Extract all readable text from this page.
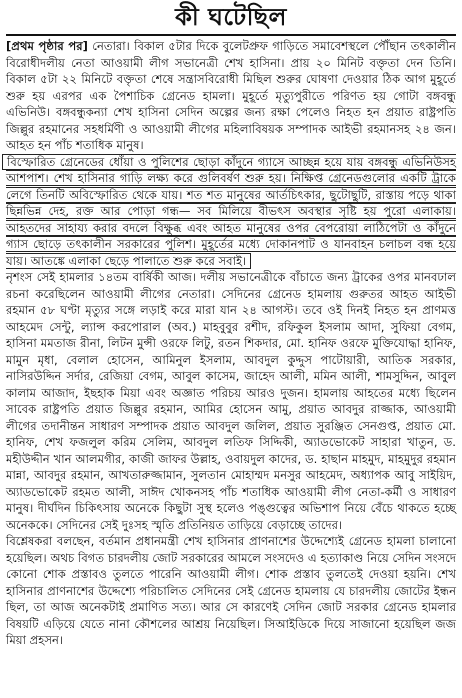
কী ঘটেছিল

[প্রথম পৃষ্ঠার পর] নেতারা। বিকাল ৫টার দিকে বুলেটপ্রুফ গাড়িতে সমাবেশস্থলে পৌঁছান তৎকালীন বিরোধীদলীয় নেতা আওয়ামী লীগ সভানেত্রী শেখ হাসিনা। প্রায় ২০ মিনিট বক্তৃতা দেন তিনি। বিকাল ৫টা ২২ মিনিটে বক্তৃতা শেষে সন্ত্রাসবিরোধী মিছিল শুরুর ঘোষণা দেওয়ার ঠিক আগ মুহূর্তে শুরু হয় এরপর এক পৈশাচিক গ্রেনেড হামলা। মুহূর্তে মৃত্যুপুরীতে পরিণত হয় গোটা বঙ্গবন্ধু এভিনিউ। বঙ্গবন্ধুকন্যা শেখ হাসিনা সেদিন অল্পের জন্য রক্ষা পেলেও নিহত হন প্রয়াত রাষ্ট্রপতি জিল্লুর রহমানের সহধর্মিণী ও আওয়ামী লীগের মহিলাবিষয়ক সম্পাদক আইভী রহমানসহ ২৪ জন। আহত হন পাঁচ শতাধিক মানুষ।

বিস্ফোরিত গ্রেনেডের ধোঁয়া ও পুলিশের ছোড়া কাঁদুনে গ্যাসে আচ্ছন্ন হয়ে যায় বঙ্গবন্ধু এভিনিউসহ আশপাশ। শেখ হাসিনার গাড়ি লক্ষ্য করে গুলিবর্ষণ শুরু হয়। নিক্ষিপ্ত গ্রেনেডগুলোর একটি ট্রাকে লেগে তিনটি অবিস্ফোরিত থেকে যায়। শত শত মানুষের আর্তচিৎকার, ছুটোছুটি, রাস্তায় পড়ে থাকা ছিন্নভিন্ন দেহ, রক্ত আর পোড়া গন্ধ— সব মিলিয়ে বীভৎস অবস্থার সৃষ্টি হয় পুরো এলাকায়। আহতদের সাহায্য করার বদলে বিক্ষুব্ধ এবং আহত মানুষের ওপর বেপরোয়া লাঠিপেটা ও কাঁদুনে গ্যাস ছোড়ে তৎকালীন সরকারের পুলিশ। মুহূর্তের মধ্যে দোকানপাট ও যানবাহন চলাচল বন্ধ হয়ে যায়। আতঙ্কে এলাকা ছেড়ে পালাতে শুরু করে সবাই।

নৃশংস সেই হামলার ১৪তম বার্ষিকী আজ। দলীয় সভানেত্রীকে বাঁচাতে জন্য ট্রাকের ওপর মানবঢাল রচনা করেছিলেন আওয়ামী লীগের নেতারা। সেদিনের গ্রেনেড হামলায় গুরুতর আহত আইভী রহমান ৫৮ ঘণ্টা মৃত্যুর সঙ্গে লড়াই করে মারা যান ২৪ আগস্ট। তবে ওই দিনই নিহত হন প্রাণমত্ত আহমেদ সেন্টু, ল্যান্স করপোরাল (অব.) মাহবুবুর রশীদ, রফিকুল ইসলাম আদা, সুফিয়া বেগম, হাসিনা মমতাজ রীনা, লিটন মুন্সী ওরফে লিটু, রতন শিকদার, মো. হানিফ ওরফে মুক্তিযোদ্ধা হানিফ, মামুন মৃধা, বেলাল হোসেন, আমিনুল ইসলাম, আবদুল কুদ্দুস পাটোয়ারী, আতিক সরকার, নাসিরউদ্দিন সর্দার, রেজিয়া বেগম, আবুল কাসেম, জাহেদ আলী, মমিন আলী, শামসুদ্দিন, আবুল কালাম আজাদ, ইছহাক মিয়া এবং অজ্ঞাত পরিচয় আরও দুজন। হামলায় আহতের মধ্যে ছিলেন সাবেক রাষ্ট্রপতি প্রয়াত জিল্লুর রহমান, আমির হোসেন আমু, প্রয়াত আবদুর রাজ্জাক, আওয়ামী লীগের তদানীন্তন সাধারণ সম্পাদক প্রয়াত আবদুল জলিল, প্রয়াত সুরঞ্জিত সেনগুপ্ত, প্রয়াত মো. হানিফ, শেখ ফজলুল করিম সেলিম, আবদুল লতিফ সিদ্দিকী, অ্যাডভোকেট সাহারা খাতুন, ড. মহীউদ্দীন খান আলমগীর, কাজী জাফর উল্লাহ, ওবায়দুল কাদের, ড. হাছান মাহমুদ, মাহমুদুর রহমান মান্না, আবদুর রহমান, আখতারুজ্জামান, সুলতান মোহাম্মদ মনসুর আহমেদ, অধ্যাপক আবু সাইয়িদ, অ্যাডভোকেট রহমত আলী, সাঈদ খোকনসহ পাঁচ শতাধিক আওয়ামী লীগ নেতা-কর্মী ও সাধারণ মানুষ। দীর্ঘদিন চিকিৎসায় অনেকে কিছুটা সুস্থ হলেও পঙ্গুত্বের অভিশাপ নিয়ে বেঁচে থাকতে হচ্ছে অনেককে। সেদিনের সেই দুঃসহ স্মৃতি প্রতিনিয়ত তাড়িয়ে বেড়াচ্ছে তাদের।

বিশ্লেষকরা বলছেন, বর্তমান প্রধানমন্ত্রী শেখ হাসিনার প্রাণনাশের উদ্দেশ্যেই গ্রেনেড হামলা চালানো হয়েছিল। অথচ বিগত চারদলীয় জোট সরকারের আমলে সংসদেও এ হত্যাকাণ্ড নিয়ে সেদিন সংসদে কোনো শোক প্রস্তাবও তুলতে পারেনি আওয়ামী লীগ। শোক প্রস্তাব তুলতেই দেওয়া হয়নি। শেখ হাসিনার প্রাণনাশের উদ্দেশ্যে পরিচালিত সেদিনের সেই গ্রেনেড হামলায় যে চারদলীয় জোটের ইন্ধন ছিল, তা আজ অনেকটাই প্রমাণিত সত্য। আর সে কারণেই সেদিন জোট সরকার গ্রেনেড হামলার বিষয়টি এড়িয়ে যেতে নানা কৌশলের আশ্রয় নিয়েছিল। সিআইডিকে দিয়ে সাজানো হয়েছিল জজ মিয়া প্রহসন।
